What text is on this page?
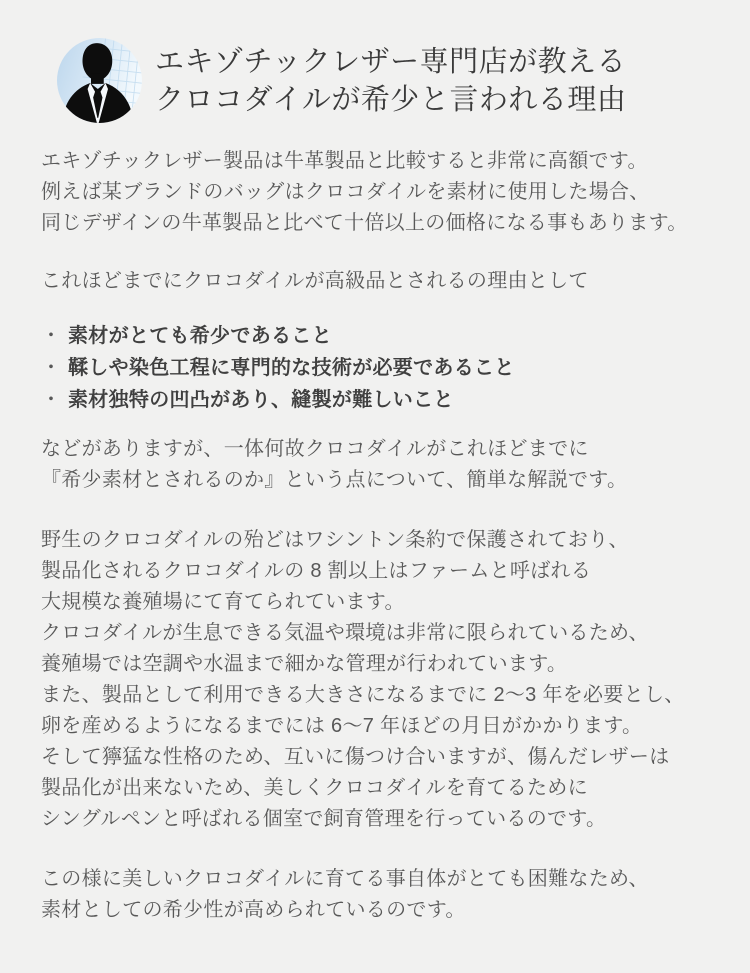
エキゾチックレザー専門店が教える
クロコダイルが希少と言われる理由

エキゾチックレザー製品は牛革製品と比較すると非常に高額です。
例えば某ブランドのバッグはクロコダイルを素材に使用した場合、
同じデザインの牛革製品と比べて十倍以上の価格になる事もあります。

これほどまでにクロコダイルが高級品とされるの理由として

・ 素材がとても希少であること
・ 鞣しや染色工程に専門的な技術が必要であること
・ 素材独特の凹凸があり、縫製が難しいこと

などがありますが、一体何故クロコダイルがこれほどまでに
『希少素材とされるのか』という点について、簡単な解説です。

野生のクロコダイルの殆どはワシントン条約で保護されており、
製品化されるクロコダイルの 8 割以上はファームと呼ばれる
大規模な養殖場にて育てられています。
クロコダイルが生息できる気温や環境は非常に限られているため、
養殖場では空調や水温まで細かな管理が行われています。
また、製品として利用できる大きさになるまでに 2～3 年を必要とし、
卵を産めるようになるまでには 6～7 年ほどの月日がかかります。
そして獰猛な性格のため、互いに傷つけ合いますが、傷んだレザーは
製品化が出来ないため、美しくクロコダイルを育てるために
シングルペンと呼ばれる個室で飼育管理を行っているのです。

この様に美しいクロコダイルに育てる事自体がとても困難なため、
素材としての希少性が高められているのです。
